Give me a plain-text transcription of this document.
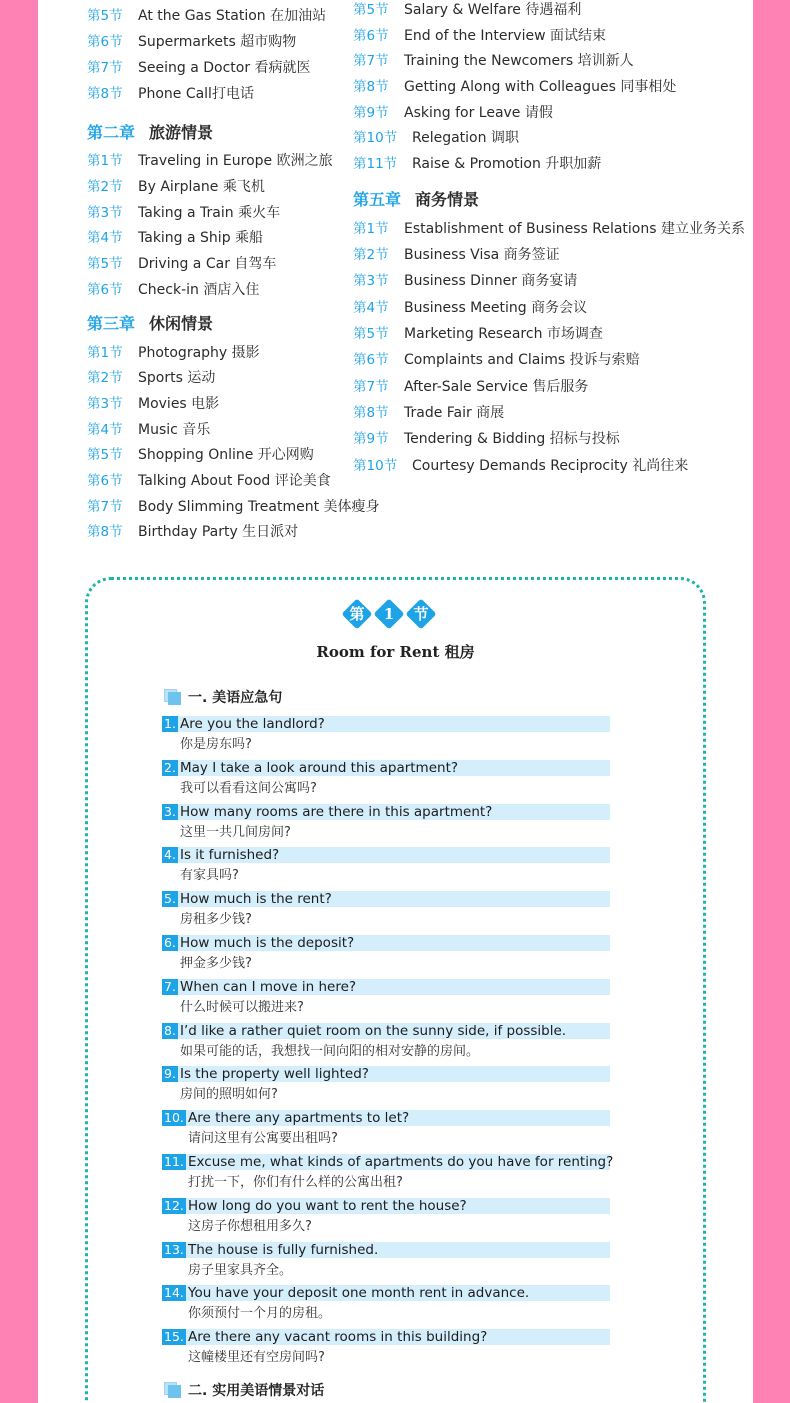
第5节 At the Gas Station 在加油站
第6节 Supermarkets 超市购物
第7节 Seeing a Doctor 看病就医
第8节 Phone Call打电话
第二章 旅游情景
第1节 Traveling in Europe 欧洲之旅
第2节 By Airplane 乘飞机
第3节 Taking a Train 乘火车
第4节 Taking a Ship 乘船
第5节 Driving a Car 自驾车
第6节 Check-in 酒店入住
第三章 休闲情景
第1节 Photography 摄影
第2节 Sports 运动
第3节 Movies 电影
第4节 Music 音乐
第5节 Shopping Online 开心网购
第6节 Talking About Food 评论美食
第7节 Body Slimming Treatment 美体瘦身
第8节 Birthday Party 生日派对
第5节 Salary & Welfare 待遇福利
第6节 End of the Interview 面试结束
第7节 Training the Newcomers 培训新人
第8节 Getting Along with Colleagues 同事相处
第9节 Asking for Leave 请假
第10节 Relegation 调职
第11节 Raise & Promotion 升职加薪
第五章 商务情景
第1节 Establishment of Business Relations 建立业务关系
第2节 Business Visa 商务签证
第3节 Business Dinner 商务宴请
第4节 Business Meeting 商务会议
第5节 Marketing Research 市场调查
第6节 Complaints and Claims 投诉与索赔
第7节 After-Sale Service 售后服务
第8节 Trade Fair 商展
第9节 Tendering & Bidding 招标与投标
第10节 Courtesy Demands Reciprocity 礼尚往来
第	1	节
Room for Rent 租房
一. 美语应急句
1. Are you the landlord?
你是房东吗?
2. May I take a look around this apartment?
我可以看看这间公寓吗?
3. How many rooms are there in this apartment?
这里一共几间房间?
4. Is it furnished?
有家具吗?
5. How much is the rent?
房租多少钱?
6. How much is the deposit?
押金多少钱?
7. When can I move in here?
什么时候可以搬进来?
8. I’d like a rather quiet room on the sunny side, if possible.
如果可能的话，我想找一间向阳的相对安静的房间。
9. Is the property well lighted?
房间的照明如何?
10. Are there any apartments to let?
请问这里有公寓要出租吗?
11. Excuse me, what kinds of apartments do you have for renting?
打扰一下，你们有什么样的公寓出租?
12. How long do you want to rent the house?
这房子你想租用多久?
13. The house is fully furnished.
房子里家具齐全。
14. You have your deposit one month rent in advance.
你须预付一个月的房租。
15. Are there any vacant rooms in this building?
这幢楼里还有空房间吗?
二. 实用美语情景对话
